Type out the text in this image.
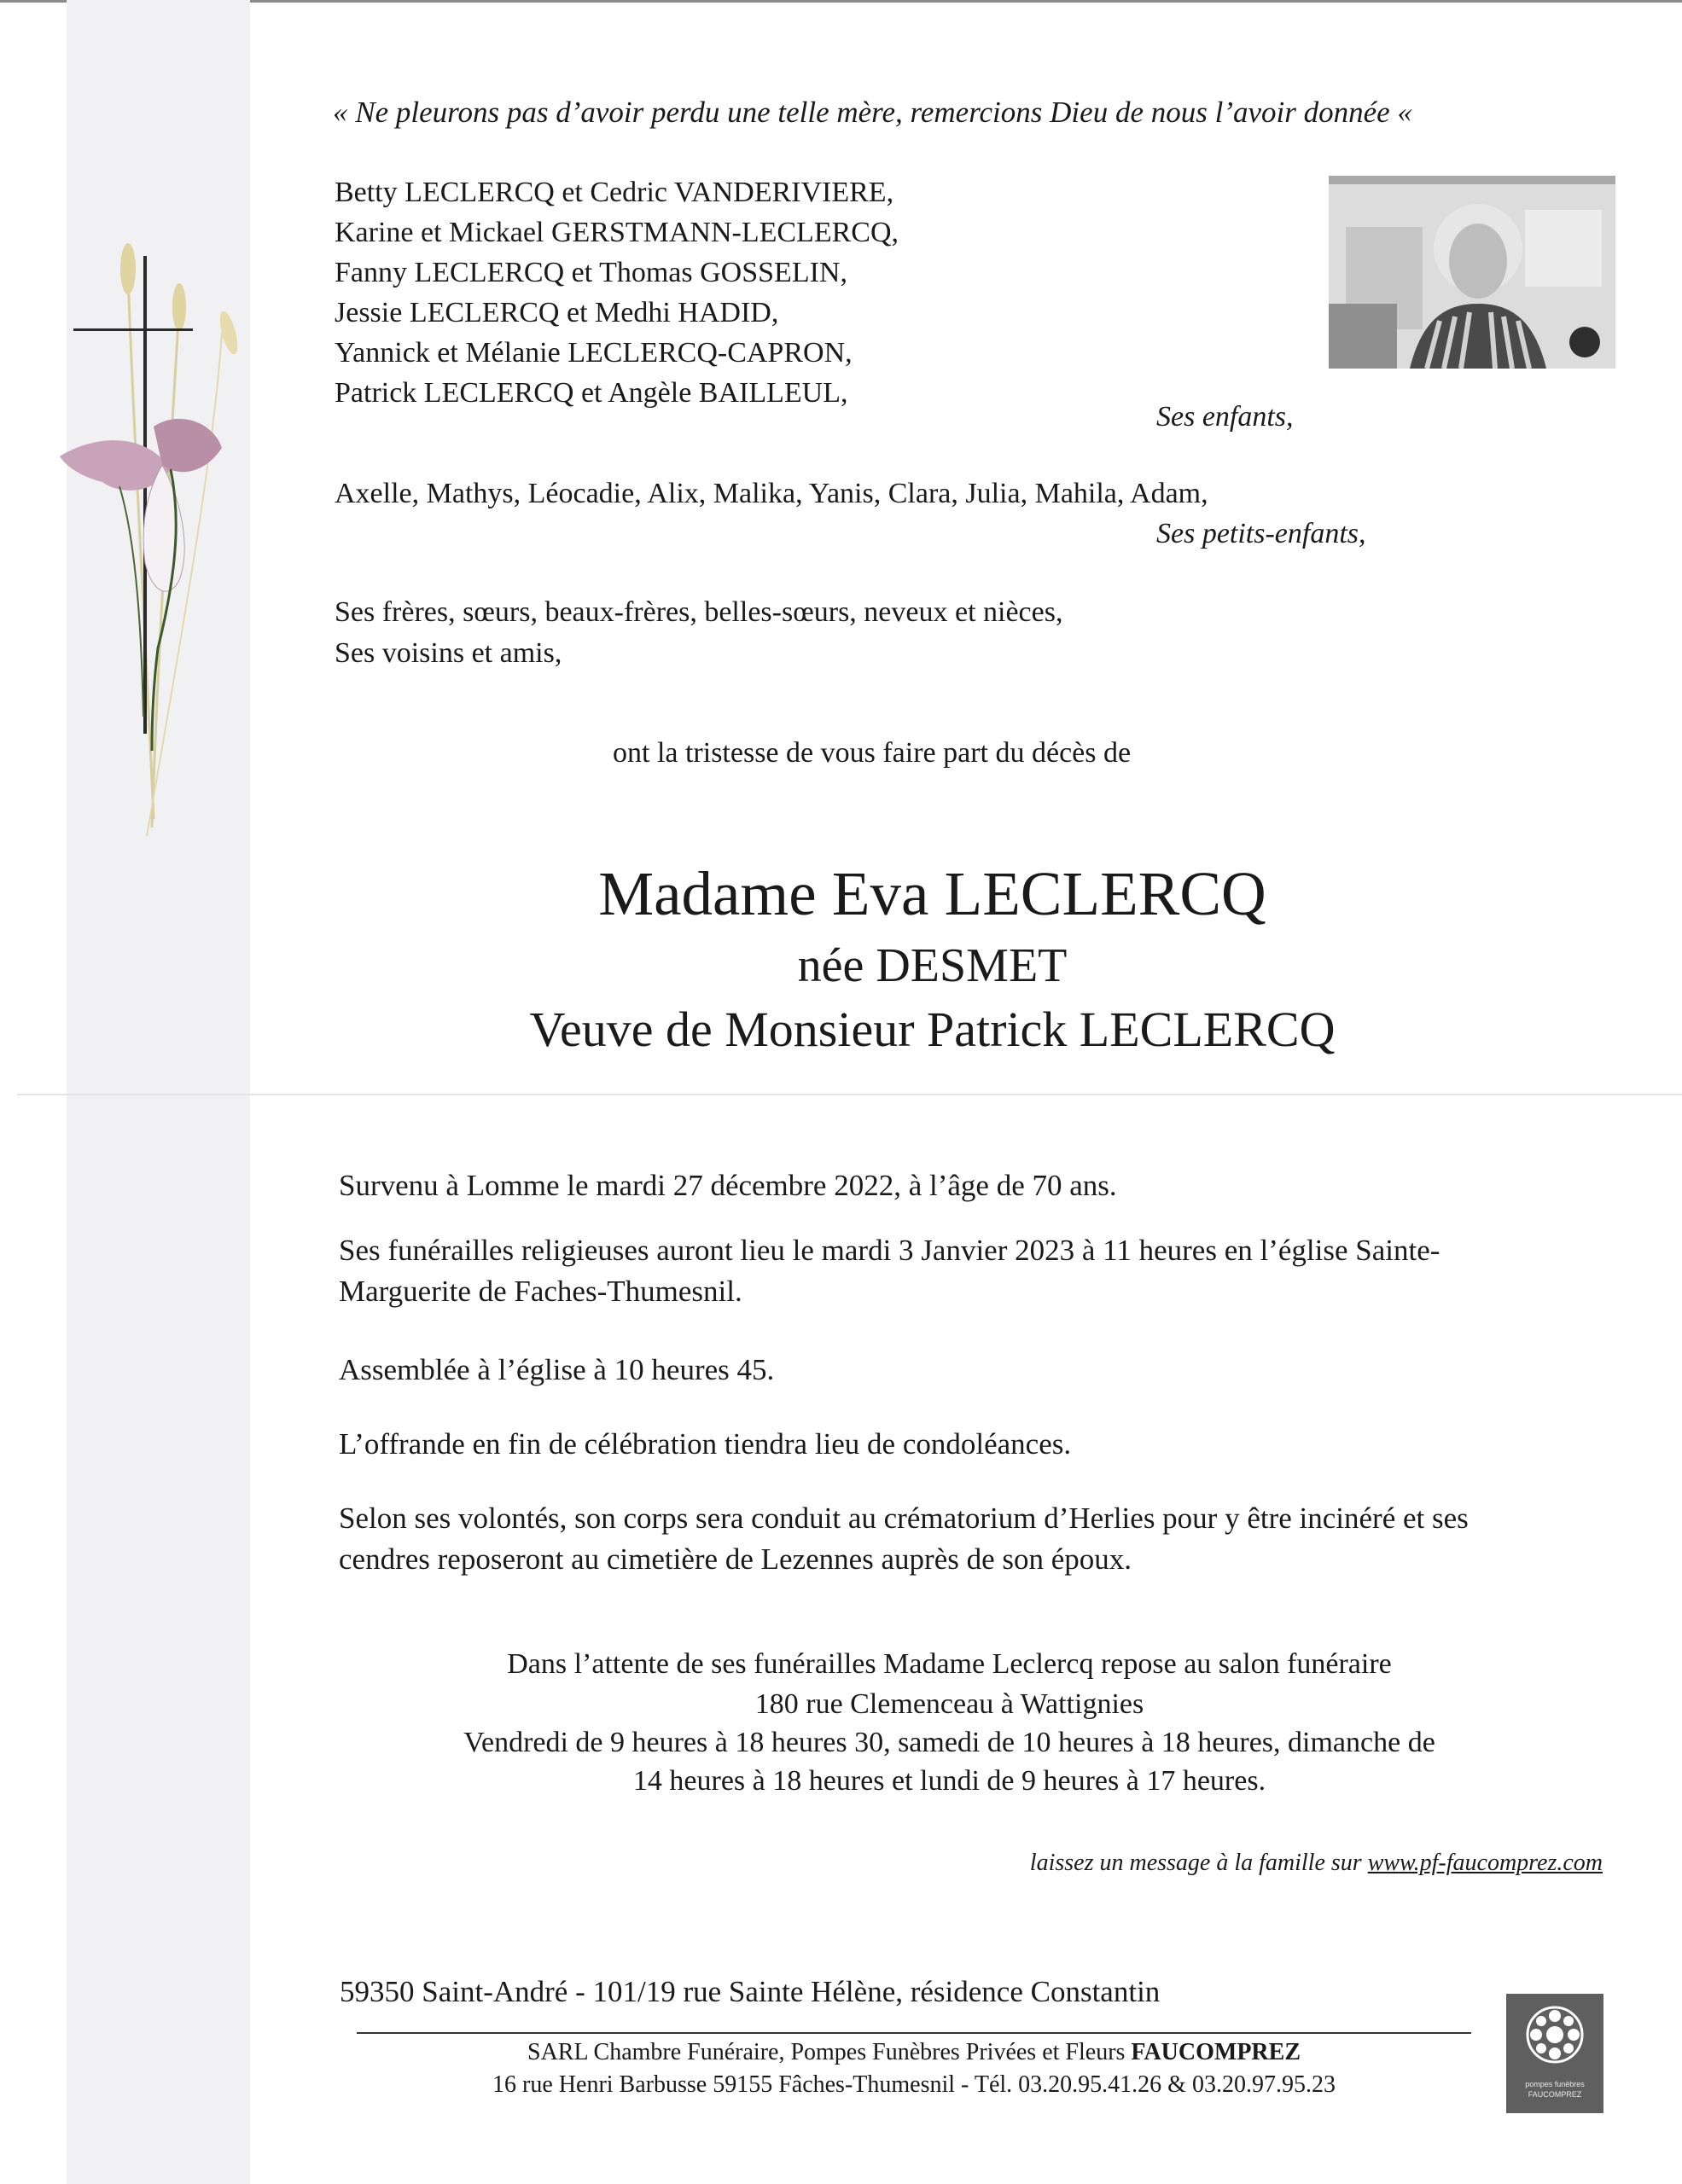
« Ne pleurons pas d’avoir perdu une telle mère, remercions Dieu de nous l’avoir donnée «
Betty LECLERCQ et Cedric VANDERIVIERE,
Karine et Mickael GERSTMANN-LECLERCQ,
Fanny LECLERCQ et Thomas GOSSELIN,
Jessie LECLERCQ et Medhi HADID,
Yannick et Mélanie LECLERCQ-CAPRON,
Patrick LECLERCQ et Angèle BAILLEUL,
Ses enfants,
Axelle, Mathys, Léocadie, Alix, Malika, Yanis, Clara, Julia, Mahila, Adam,
Ses petits-enfants,
Ses frères, sœurs, beaux-frères, belles-sœurs, neveux et nièces,
Ses voisins et amis,
ont la tristesse de vous faire part du décès de
Madame Eva LECLERCQ
née DESMET
Veuve de Monsieur Patrick LECLERCQ
Survenu à Lomme le mardi 27 décembre 2022, à l’âge de 70 ans.
Ses funérailles religieuses auront lieu le mardi 3 Janvier 2023 à 11 heures en l’église Sainte-
Marguerite de Faches-Thumesnil.
Assemblée à l’église à 10 heures 45.
L’offrande en fin de célébration tiendra lieu de condoléances.
Selon ses volontés, son corps sera conduit au crématorium d’Herlies pour y être incinéré et ses
cendres reposeront au cimetière de Lezennes auprès de son époux.
Dans l’attente de ses funérailles Madame Leclercq repose au salon funéraire
180 rue Clemenceau à Wattignies
Vendredi de 9 heures à 18 heures 30, samedi de 10 heures à 18 heures, dimanche de
14 heures à 18 heures et lundi de 9 heures à 17 heures.
laissez un message à la famille sur www.pf-faucomprez.com
59350 Saint-André - 101/19 rue Sainte Hélène, résidence Constantin
SARL Chambre Funéraire, Pompes Funèbres Privées et Fleurs FAUCOMPREZ
16 rue Henri Barbusse 59155 Fâches-Thumesnil - Tél. 03.20.95.41.26 & 03.20.97.95.23	pompes funèbres
FAUCOMPREZ
